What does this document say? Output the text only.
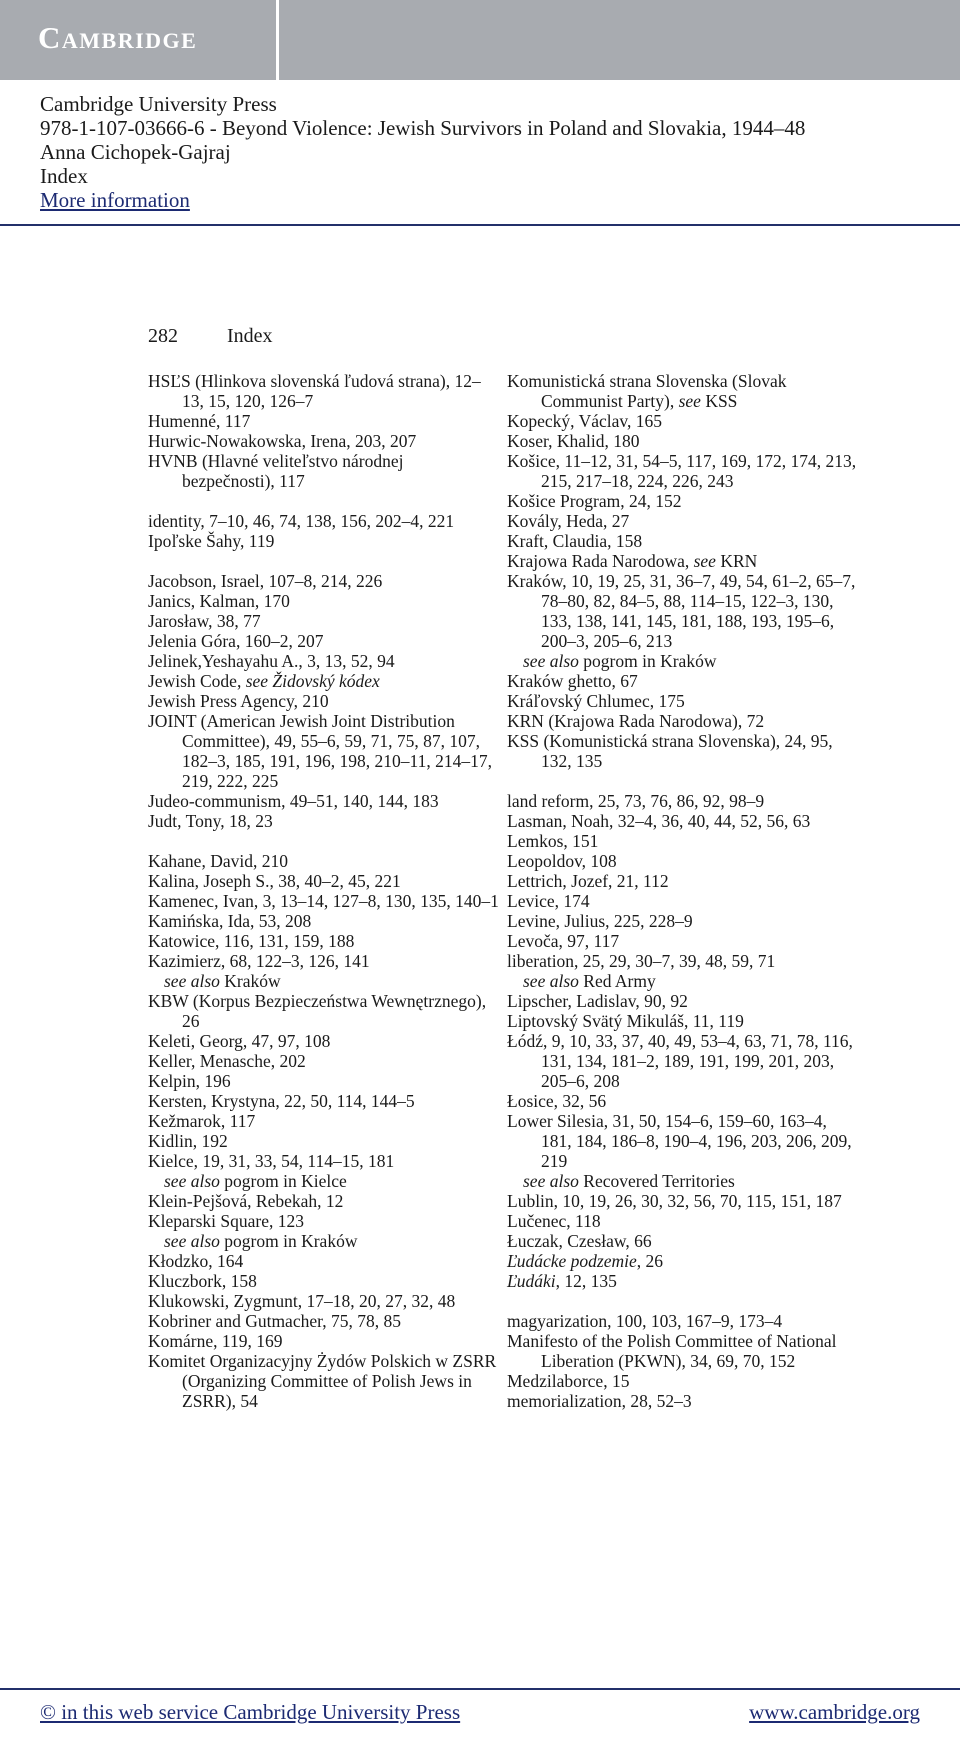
Cambridge
Cambridge University Press
978-1-107-03666-6 - Beyond Violence: Jewish Survivors in Poland and Slovakia, 1944–48
Anna Cichopek-Gajraj
Index
More information
282 Index
HSĽS (Hlinkova slovenská ľudová strana), 12–13, 15, 120, 126–7
Humenné, 117
Hurwic-Nowakowska, Irena, 203, 207
HVNB (Hlavné veliteľstvo národnej bezpečnosti), 117
identity, 7–10, 46, 74, 138, 156, 202–4, 221
Ipoľske Šahy, 119
Jacobson, Israel, 107–8, 214, 226
Janics, Kalman, 170
Jarosław, 38, 77
Jelenia Góra, 160–2, 207
Jelinek,Yeshayahu A., 3, 13, 52, 94
Jewish Code, see Židovský kódex
Jewish Press Agency, 210
JOINT (American Jewish Joint Distribution Committee), 49, 55–6, 59, 71, 75, 87, 107, 182–3, 185, 191, 196, 198, 210–11, 214–17, 219, 222, 225
Judeo-communism, 49–51, 140, 144, 183
Judt, Tony, 18, 23
Kahane, David, 210
Kalina, Joseph S., 38, 40–2, 45, 221
Kamenec, Ivan, 3, 13–14, 127–8, 130, 135, 140–1
Kamińska, Ida, 53, 208
Katowice, 116, 131, 159, 188
Kazimierz, 68, 122–3, 126, 141
see also Kraków
KBW (Korpus Bezpieczeństwa Wewnętrznego), 26
Keleti, Georg, 47, 97, 108
Keller, Menasche, 202
Kelpin, 196
Kersten, Krystyna, 22, 50, 114, 144–5
Kežmarok, 117
Kidlin, 192
Kielce, 19, 31, 33, 54, 114–15, 181
see also pogrom in Kielce
Klein-Pejšová, Rebekah, 12
Kleparski Square, 123
see also pogrom in Kraków
Kłodzko, 164
Kluczbork, 158
Klukowski, Zygmunt, 17–18, 20, 27, 32, 48
Kobriner and Gutmacher, 75, 78, 85
Komárne, 119, 169
Komitet Organizacyjny Żydów Polskich w ZSRR (Organizing Committee of Polish Jews in ZSRR), 54
Komunistická strana Slovenska (Slovak Communist Party), see KSS
Kopecký, Václav, 165
Koser, Khalid, 180
Košice, 11–12, 31, 54–5, 117, 169, 172, 174, 213, 215, 217–18, 224, 226, 243
Košice Program, 24, 152
Kovály, Heda, 27
Kraft, Claudia, 158
Krajowa Rada Narodowa, see KRN
Kraków, 10, 19, 25, 31, 36–7, 49, 54, 61–2, 65–7, 78–80, 82, 84–5, 88, 114–15, 122–3, 130, 133, 138, 141, 145, 181, 188, 193, 195–6, 200–3, 205–6, 213
see also pogrom in Kraków
Kraków ghetto, 67
Kráľovský Chlumec, 175
KRN (Krajowa Rada Narodowa), 72
KSS (Komunistická strana Slovenska), 24, 95, 132, 135
land reform, 25, 73, 76, 86, 92, 98–9
Lasman, Noah, 32–4, 36, 40, 44, 52, 56, 63
Lemkos, 151
Leopoldov, 108
Lettrich, Jozef, 21, 112
Levice, 174
Levine, Julius, 225, 228–9
Levoča, 97, 117
liberation, 25, 29, 30–7, 39, 48, 59, 71
see also Red Army
Lipscher, Ladislav, 90, 92
Liptovský Svätý Mikuláš, 11, 119
Łódź, 9, 10, 33, 37, 40, 49, 53–4, 63, 71, 78, 116, 131, 134, 181–2, 189, 191, 199, 201, 203, 205–6, 208
Łosice, 32, 56
Lower Silesia, 31, 50, 154–6, 159–60, 163–4, 181, 184, 186–8, 190–4, 196, 203, 206, 209, 219
see also Recovered Territories
Lublin, 10, 19, 26, 30, 32, 56, 70, 115, 151, 187
Lučenec, 118
Łuczak, Czesław, 66
Ľudácke podzemie, 26
Ľudáki, 12, 135
magyarization, 100, 103, 167–9, 173–4
Manifesto of the Polish Committee of National Liberation (PKWN), 34, 69, 70, 152
Medzilaborce, 15
memorialization, 28, 52–3
© in this web service Cambridge University Press	www.cambridge.org
